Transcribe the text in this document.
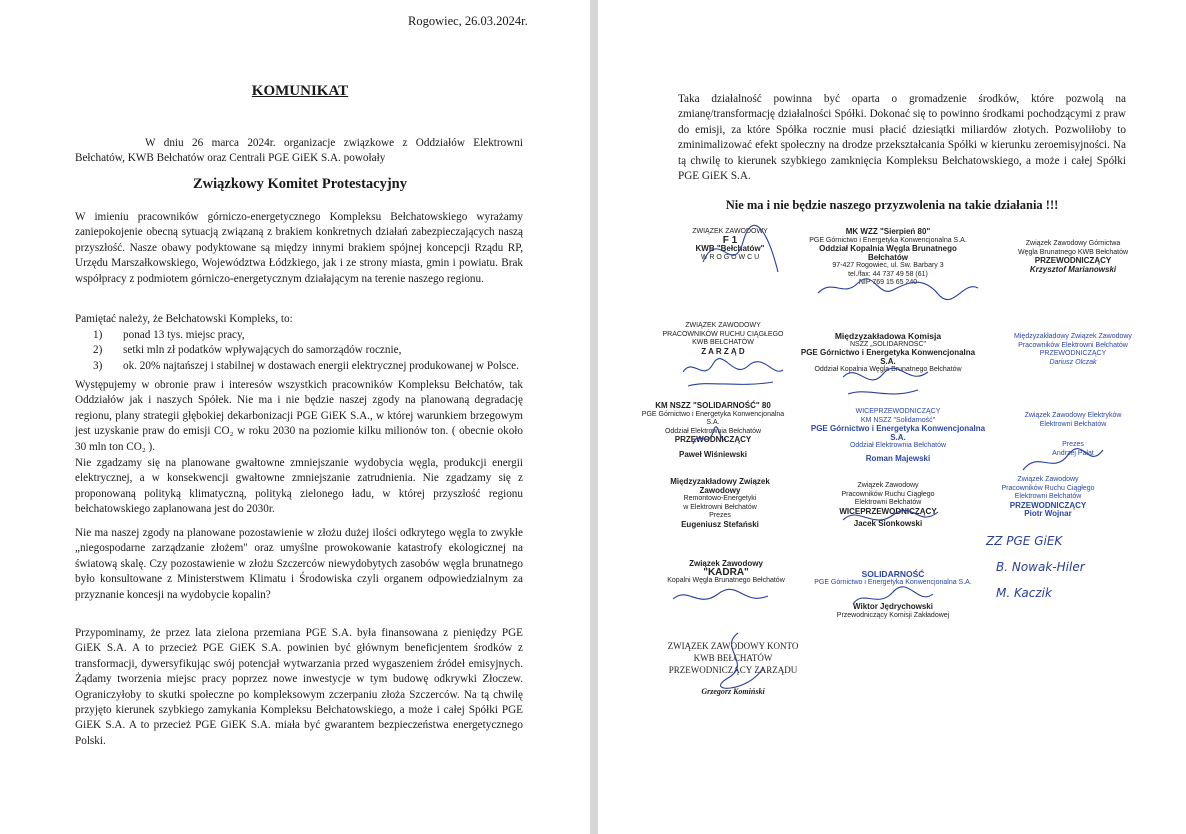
Rogowiec, 26.03.2024r.
KOMUNIKAT
W dniu 26 marca 2024r. organizacje związkowe z Oddziałów Elektrowni Bełchatów, KWB Bełchatów oraz Centrali PGE GiEK S.A. powołały
Związkowy Komitet Protestacyjny
W imieniu pracowników górniczo-energetycznego Kompleksu Bełchatowskiego wyrażamy zaniepokojenie obecną sytuacją związaną z brakiem konkretnych działań zabezpieczających naszą przyszłość. Nasze obawy podyktowane są między innymi brakiem spójnej koncepcji Rządu RP, Urzędu Marszałkowskiego, Województwa Łódzkiego, jak i ze strony miasta, gmin i powiatu. Brak współpracy z podmiotem górniczo-energetycznym działającym na terenie naszego regionu.
Pamiętać należy, że Bełchatowski Kompleks, to:
1)	ponad 13 tys. miejsc pracy,
2)	setki mln zł podatków wpływających do samorządów rocznie,
3)	ok. 20% najtańszej i stabilnej w dostawach energii elektrycznej produkowanej w Polsce.
Występujemy w obronie praw i interesów wszystkich pracowników Kompleksu Bełchatów, tak Oddziałów jak i naszych Spółek. Nie ma i nie będzie naszej zgody na planowaną degradację regionu, plany strategii głębokiej dekarbonizacji PGE GiEK S.A., w której warunkiem brzegowym jest uzyskanie praw do emisji CO₂ w roku 2030 na poziomie kilku milionów ton. ( obecnie około 30 mln ton CO₂ ).
Nie zgadzamy się na planowane gwałtowne zmniejszanie wydobycia węgla, produkcji energii elektrycznej, a w konsekwencji gwałtowne zmniejszanie zatrudnienia. Nie zgadzamy się z proponowaną polityką klimatyczną, polityką zielonego ładu, w której przyszłość regionu bełchatowskiego zaplanowana jest do 2030r.
Nie ma naszej zgody na planowane pozostawienie w złożu dużej ilości odkrytego węgla to zwykłe „niegospodarne zarządzanie złożem" oraz umyślne prowokowanie katastrofy ekologicznej na światową skalę. Czy pozostawienie w złożu Szczerców niewydobytych zasobów węgla brunatnego było konsultowane z Ministerstwem Klimatu i Środowiska czyli organem odpowiedzialnym za przyznanie koncesji na wydobycie kopalin?
Przypominamy, że przez lata zielona przemiana PGE S.A. była finansowana z pieniędzy PGE GiEK S.A. A to przecież PGE GiEK S.A. powinien być głównym beneficjentem środków z transformacji, dywersyfikując swój potencjał wytwarzania przed wygaszeniem źródeł emisyjnych. Żądamy tworzenia miejsc pracy poprzez nowe inwestycje w tym budowę odkrywki Złoczew. Ograniczyłoby to skutki społeczne po kompleksowym zczerpaniu złoża Szczerców. Na tą chwilę przyjęto kierunek szybkiego zamykania Kompleksu Bełchatowskiego, a może i całej Spółki PGE GiEK S.A. A to przecież PGE GiEK S.A. miała być gwarantem bezpieczeństwa energetycznego Polski.
Taka działalność powinna być oparta o gromadzenie środków, które pozwolą na zmianę/transformację działalności Spółki. Dokonać się to powinno środkami pochodzącymi z praw do emisji, za które Spółka rocznie musi płacić dziesiątki miliardów złotych. Pozwoliłoby to zminimalizować efekt społeczny na drodze przekształcania Spółki w kierunku zeroemisyjności. Na tą chwilę to kierunek szybkiego zamknięcia Kompleksu Bełchatowskiego, a może i całej Spółki PGE GiEK S.A.
Nie ma i nie będzie naszego przyzwolenia na takie działania !!!
ZWIĄZEK ZAWODOWY
F 1
KWB "Bełchatów"
W R O G O W C U
MK WZZ "Sierpień 80"
PGE Górnictwo i Energetyka Konwencjonalna S.A.
Oddział Kopalnia Węgla Brunatnego Bełchatów
97-427 Rogowiec, ul. Św. Barbary 3
tel./fax: 44 737 49 58 (61)
NIP 769 15 65 240
Związek Zawodowy Górnictwa
Węgla Brunatnego KWB Bełchatów
PRZEWODNICZĄCY
Krzysztof Marianowski
ZWIĄZEK ZAWODOWY
PRACOWNIKÓW RUCHU CIĄGŁEGO
KWB BEŁCHATÓW
Z A R Z Ą D
Międzyzakładowa Komisja
NSZZ „SOLIDARNOŚĆ"
PGE Górnictwo i Energetyka Konwencjonalna S.A.
Oddział Kopalnia Węgla Brunatnego Bełchatów
Międzyzakładowy Związek Zawodowy
Pracowników Elektrowni Bełchatów
PRZEWODNICZĄCY
Dariusz Olczak
KM NSZZ "SOLIDARNOŚĆ" 80
PGE Górnictwo i Energetyka Konwencjonalna S.A.
Oddział Elektrownia Bełchatów
PRZEWODNICZĄCY
Paweł Wiśniewski
WICEPRZEWODNICZĄCY
KM NSZZ "Solidarność"
PGE Górnictwo i Energetyka Konwencjonalna S.A.
Oddział Elektrownia Bełchatów
Roman Majewski
Związek Zawodowy Elektryków
Elektrowni Bełchatów
Prezes
Andrzej Pałat
Międzyzakładowy Związek Zawodowy
Remontowo-Energetyki
w Elektrowni Bełchatów
Prezes
Eugeniusz Stefański
Związek Zawodowy
Pracowników Ruchu Ciągłego
Elektrowni Bełchatów
WICEPRZEWODNICZĄCY
Jacek Sionkowski
Związek Zawodowy
Pracowników Ruchu Ciągłego
Elektrowni Bełchatów
PRZEWODNICZĄCY
Piotr Wojnar
ZZ PGE GiEK
B. Nowak-Hiler
M. Kaczik
Związek Zawodowy
"KADRA"
Kopalni Węgla Brunatnego Bełchatów
SOLIDARNOŚĆ
PGE Górnictwo i Energetyka Konwencjonalna S.A.
Wiktor Jędrychowski
Przewodniczący Komisji Zakładowej
ZWIĄZEK ZAWODOWY KONTO
KWB BEŁCHATÓW
PRZEWODNICZĄCY ZARZĄDU
Grzegorz Komiński
